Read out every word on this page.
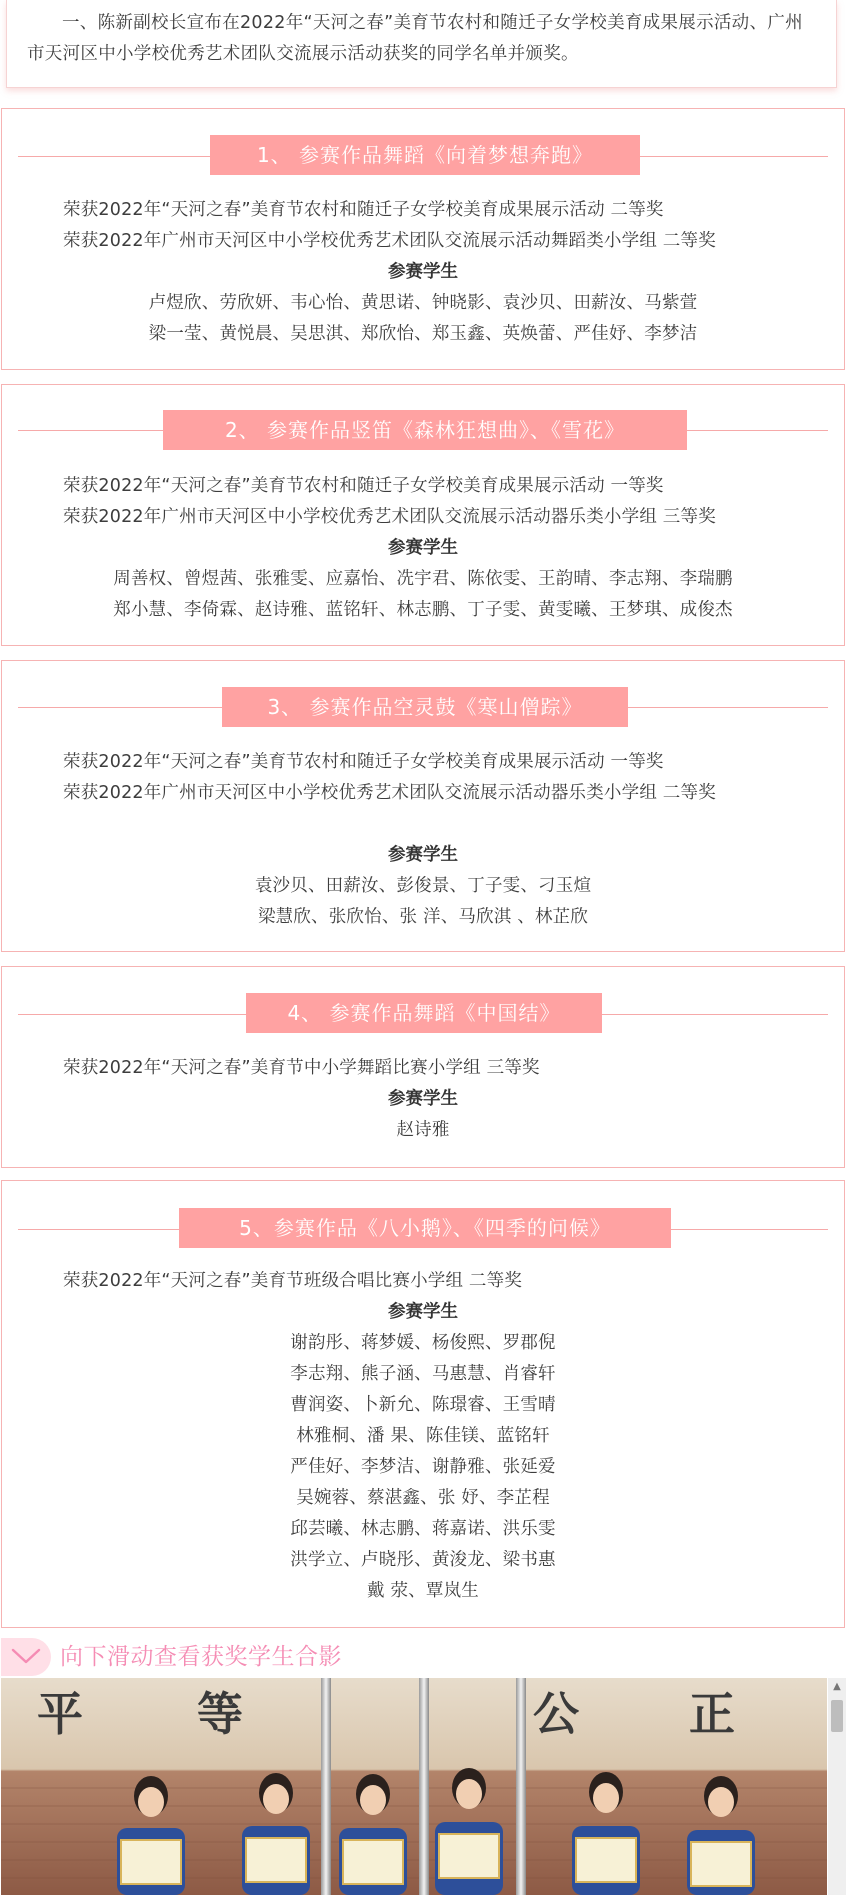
一、陈新副校长宣布在2022年“天河之春”美育节农村和随迁子女学校美育成果展示活动、广州市天河区中小学校优秀艺术团队交流展示活动获奖的同学名单并颁奖。
1、 参赛作品舞蹈《向着梦想奔跑》
荣获2022年“天河之春”美育节农村和随迁子女学校美育成果展示活动 二等奖
荣获2022年广州市天河区中小学校优秀艺术团队交流展示活动舞蹈类小学组 二等奖
参赛学生
卢煜欣、劳欣妍、韦心怡、黄思诺、钟晓影、袁沙贝、田薪汝、马紫萱
梁一莹、黄悦晨、吴思淇、郑欣怡、郑玉鑫、英焕蕾、严佳妤、李梦洁
2、 参赛作品竖笛《森林狂想曲》、《雪花》
荣获2022年“天河之春”美育节农村和随迁子女学校美育成果展示活动 一等奖
荣获2022年广州市天河区中小学校优秀艺术团队交流展示活动器乐类小学组 三等奖
参赛学生
周善权、曾煜茜、张雅雯、应嘉怡、冼宇君、陈依雯、王韵晴、李志翔、李瑞鹏
郑小慧、李倚霖、赵诗雅、蓝铭轩、林志鹏、丁子雯、黄雯曦、王梦琪、成俊杰
3、 参赛作品空灵鼓《寒山僧踪》
荣获2022年“天河之春”美育节农村和随迁子女学校美育成果展示活动 一等奖
荣获2022年广州市天河区中小学校优秀艺术团队交流展示活动器乐类小学组 二等奖
参赛学生
袁沙贝、田薪汝、彭俊景、丁子雯、刁玉煊
梁慧欣、张欣怡、张 洋、马欣淇 、林芷欣
4、 参赛作品舞蹈《中国结》
荣获2022年“天河之春”美育节中小学舞蹈比赛小学组 三等奖
参赛学生
赵诗雅
5、参赛作品《八小鹅》、《四季的问候》
荣获2022年“天河之春”美育节班级合唱比赛小学组 二等奖
参赛学生
谢韵彤、蒋梦媛、杨俊熙、罗郡倪
李志翔、熊子涵、马惠慧、肖睿轩
曹润姿、卜新允、陈璟睿、王雪晴
林雅桐、潘 果、陈佳镁、蓝铭轩
严佳好、李梦洁、谢静雅、张延爱
吴婉蓉、蔡湛鑫、张 妤、李芷程
邱芸曦、林志鹏、蒋嘉诺、洪乐雯
洪学立、卢晓彤、黄浚龙、梁书惠
戴 荥、覃岚生
向下滑动查看获奖学生合影
平 等	公 正
▲
